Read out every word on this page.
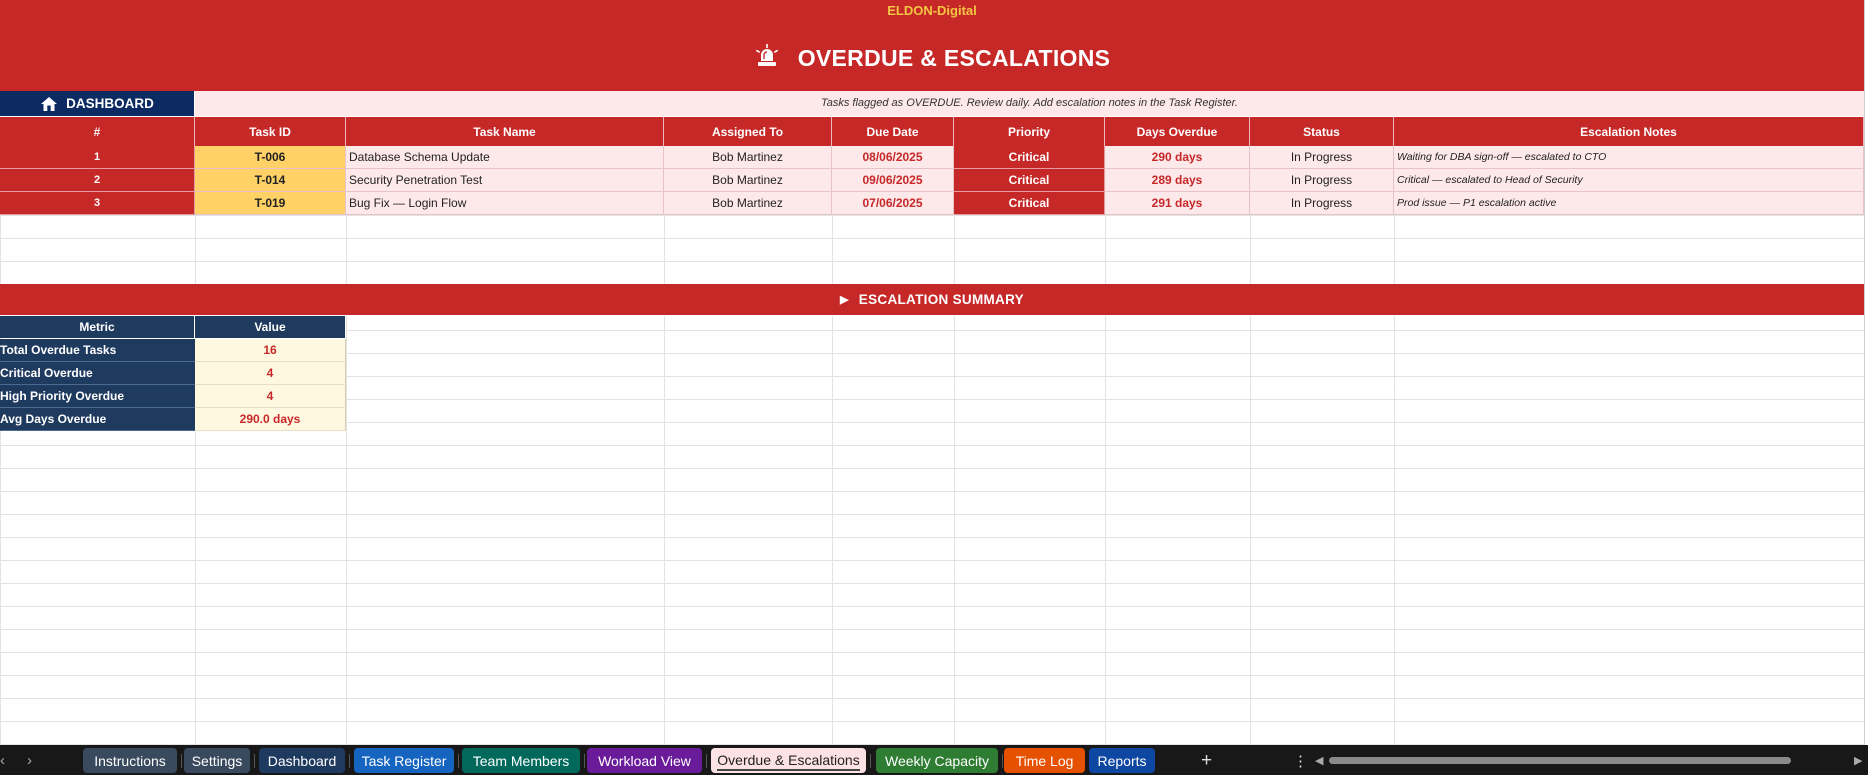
ELDON-Digital
OVERDUE & ESCALATIONS
DASHBOARD	Tasks flagged as OVERDUE. Review daily. Add escalation notes in the Task Register.
#	Task ID	Task Name	Assigned To	Due Date	Priority	Days Overdue	Status	Escalation Notes
1	T-006	Database Schema Update	Bob Martinez	08/06/2025	Critical	290 days	In Progress	Waiting for DBA sign-off — escalated to CTO
2	T-014	Security Penetration Test	Bob Martinez	09/06/2025	Critical	289 days	In Progress	Critical — escalated to Head of Security
3	T-019	Bug Fix — Login Flow	Bob Martinez	07/06/2025	Critical	291 days	In Progress	Prod issue — P1 escalation active
▶ ESCALATION SUMMARY
Metric	Value
Total Overdue Tasks	16
Critical Overdue	4
High Priority Overdue	4
Avg Days Overdue	290.0 days
‹ ›	Instructions Settings Dashboard Task Register Team Members Workload View Overdue & Escalations Weekly Capacity Time Log Reports	+	⋮ ◀	▶
